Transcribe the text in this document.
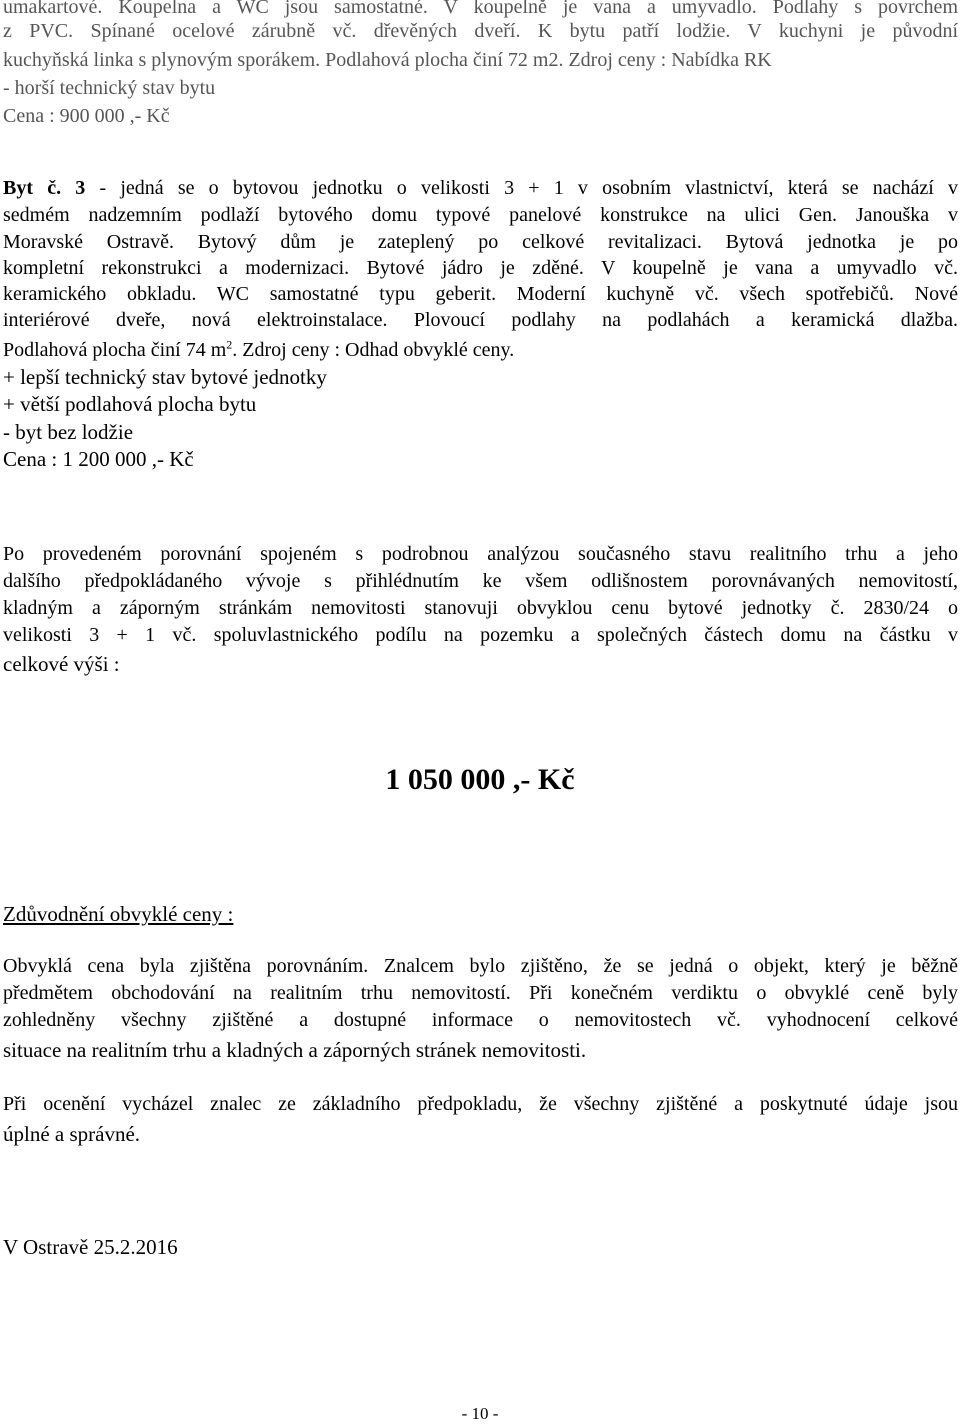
umakartové. Koupelna a WC jsou samostatné. V koupelně je vana a umyvadlo. Podlahy s povrchem

z PVC. Spínané ocelové zárubně vč. dřevěných dveří. K bytu patří lodžie. V kuchyni je původní

kuchyňská linka s plynovým sporákem. Podlahová plocha činí 72 m2. Zdroj ceny : Nabídka RK

- horší technický stav bytu

Cena : 900 000 ,- Kč

Byt č. 3 - jedná se o bytovou jednotku o velikosti 3 + 1 v osobním vlastnictví, která se nachází v

sedmém nadzemním podlaží bytového domu typové panelové konstrukce na ulici Gen. Janouška v

Moravské Ostravě. Bytový dům je zateplený po celkové revitalizaci. Bytová jednotka je po

kompletní rekonstrukci a modernizaci. Bytové jádro je zděné. V koupelně je vana a umyvadlo vč.

keramického obkladu. WC samostatné typu geberit. Moderní kuchyně vč. všech spotřebičů. Nové

interiérové dveře, nová elektroinstalace. Plovoucí podlahy na podlahách a keramická dlažba.

Podlahová plocha činí 74 $m^2$. Zdroj ceny : Odhad obvyklé ceny.

+ lepší technický stav bytové jednotky

+ větší podlahová plocha bytu

- byt bez lodžie

Cena : 1 200 000 ,- Kč

Po provedeném porovnání spojeném s podrobnou analýzou současného stavu realitního trhu a jeho

dalšího předpokládaného vývoje s přihlédnutím ke všem odlišnostem porovnávaných nemovitostí,

kladným a záporným stránkám nemovitosti stanovuji obvyklou cenu bytové jednotky č. 2830/24 o

velikosti 3 + 1 vč. spoluvlastnického podílu na pozemku a společných částech domu na částku v

celkové výši :

1 050 000 ,- Kč

Zdůvodnění obvyklé ceny :

Obvyklá cena byla zjištěna porovnáním. Znalcem bylo zjištěno, že se jedná o objekt, který je běžně

předmětem obchodování na realitním trhu nemovitostí. Při konečném verdiktu o obvyklé ceně byly

zohledněny všechny zjištěné a dostupné informace o nemovitostech vč. vyhodnocení celkové

situace na realitním trhu a kladných a záporných stránek nemovitosti.

Při ocenění vycházel znalec ze základního předpokladu, že všechny zjištěné a poskytnuté údaje jsou

úplné a správné.

V Ostravě 25.2.2016

- 10 -
